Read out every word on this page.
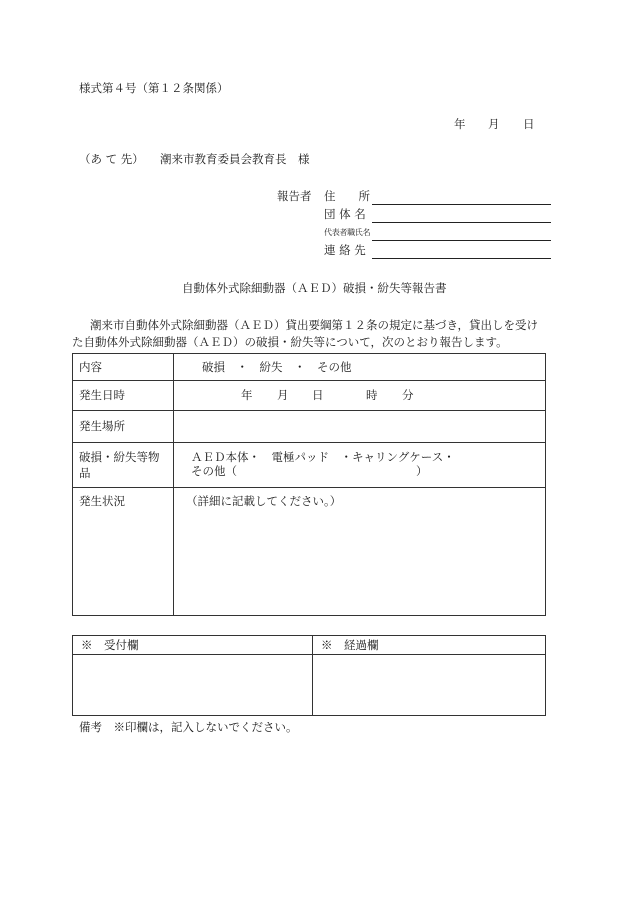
様式第４号（第１２条関係）
年 月 日
（あ て 先） 潮来市教育委員会教育長　様
報告者 住　　所
団 体 名
代表者職氏名
連 絡 先
自動体外式除細動器（ＡＥＤ）破損・紛失等報告書
潮来市自動体外式除細動器（ＡＥＤ）貸出要綱第１２条の規定に基づき，貸出しを受け
た自動体外式除細動器（ＡＥＤ）の破損・紛失等について，次のとおり報告します。
内容	破損　・　紛失　・　その他
発生日時	年 月 日 時 分

発生場所	
破損・紛失等物品	ＡＥＤ本体・　電極パッド　・キャリングケース・
その他（ ）

発生状況	（詳細に記載してください。）
※　受付欄	※　経過欄

備考　※印欄は，記入しないでください。
